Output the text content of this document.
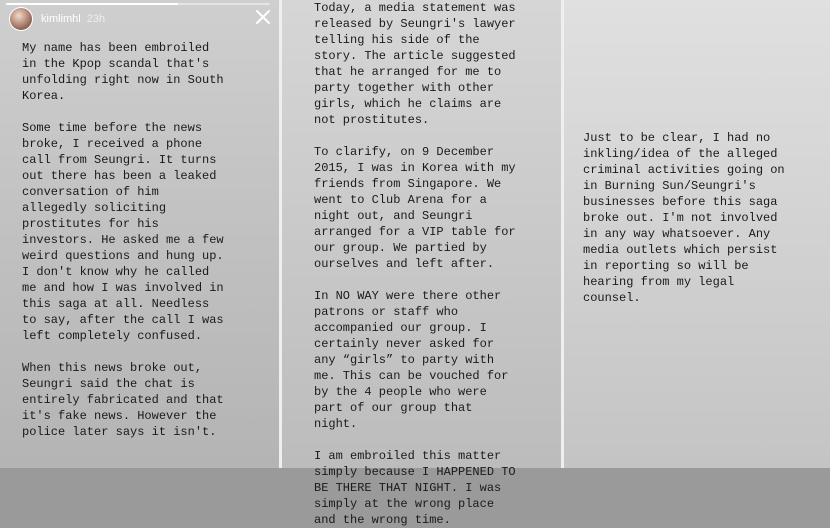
kimlimhl 23h

My name has been embroiled
in the Kpop scandal that's
unfolding right now in South
Korea.

Some time before the news
broke, I received a phone
call from Seungri. It turns
out there has been a leaked
conversation of him
allegedly soliciting
prostitutes for his
investors. He asked me a few
weird questions and hung up.
I don't know why he called
me and how I was involved in
this saga at all. Needless
to say, after the call I was
left completely confused.

When this news broke out,
Seungri said the chat is
entirely fabricated and that
it's fake news. However the
police later says it isn't.

Today, a media statement was
released by Seungri's lawyer
telling his side of the
story. The article suggested
that he arranged for me to
party together with other
girls, which he claims are
not prostitutes.

To clarify, on 9 December
2015, I was in Korea with my
friends from Singapore. We
went to Club Arena for a
night out, and Seungri
arranged for a VIP table for
our group. We partied by
ourselves and left after.

In NO WAY were there other
patrons or staff who
accompanied our group. I
certainly never asked for
any “girls” to party with
me. This can be vouched for
by the 4 people who were
part of our group that
night.

I am embroiled this matter
simply because I HAPPENED TO
BE THERE THAT NIGHT. I was
simply at the wrong place
and the wrong time.

Just to be clear, I had no
inkling/idea of the alleged
criminal activities going on
in Burning Sun/Seungri's
businesses before this saga
broke out. I'm not involved
in any way whatsoever. Any
media outlets which persist
in reporting so will be
hearing from my legal
counsel.
